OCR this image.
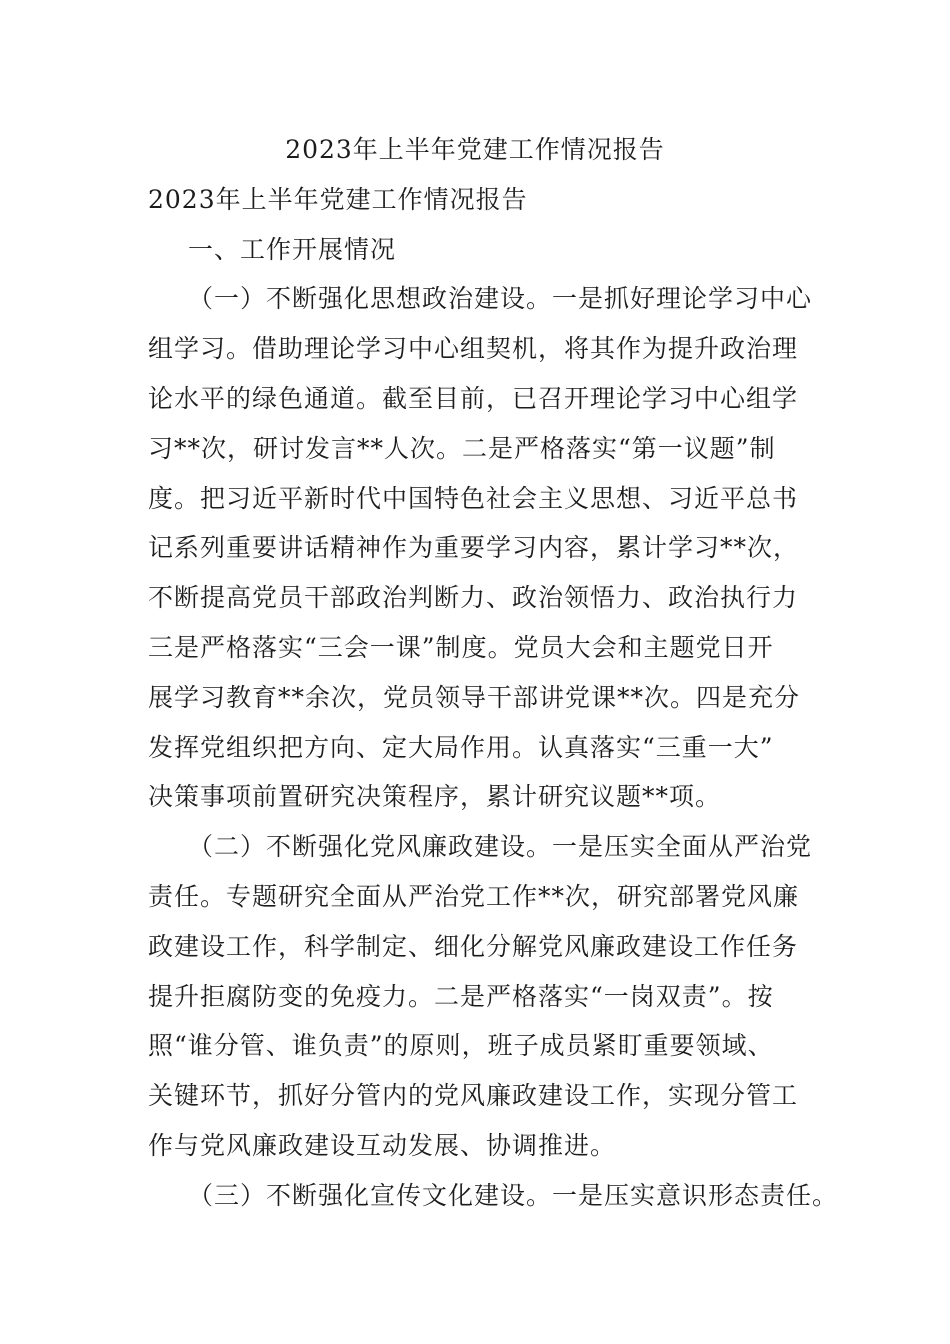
2023年上半年党建工作情况报告
2023年上半年党建工作情况报告
一、工作开展情况
（一）不断强化思想政治建设。一是抓好理论学习中心
组学习。借助理论学习中心组契机，将其作为提升政治理
论水平的绿色通道。截至目前，已召开理论学习中心组学
习**次，研讨发言**人次。二是严格落实“第一议题”制
度。把习近平新时代中国特色社会主义思想、习近平总书
记系列重要讲话精神作为重要学习内容，累计学习**次，
不断提高党员干部政治判断力、政治领悟力、政治执行力
三是严格落实“三会一课”制度。党员大会和主题党日开
展学习教育**余次，党员领导干部讲党课**次。四是充分
发挥党组织把方向、定大局作用。认真落实“三重一大”
决策事项前置研究决策程序，累计研究议题**项。
（二）不断强化党风廉政建设。一是压实全面从严治党
责任。专题研究全面从严治党工作**次，研究部署党风廉
政建设工作，科学制定、细化分解党风廉政建设工作任务
提升拒腐防变的免疫力。二是严格落实“一岗双责”。按
照“谁分管、谁负责”的原则，班子成员紧盯重要领域、
关键环节，抓好分管内的党风廉政建设工作，实现分管工
作与党风廉政建设互动发展、协调推进。
（三）不断强化宣传文化建设。一是压实意识形态责任。
